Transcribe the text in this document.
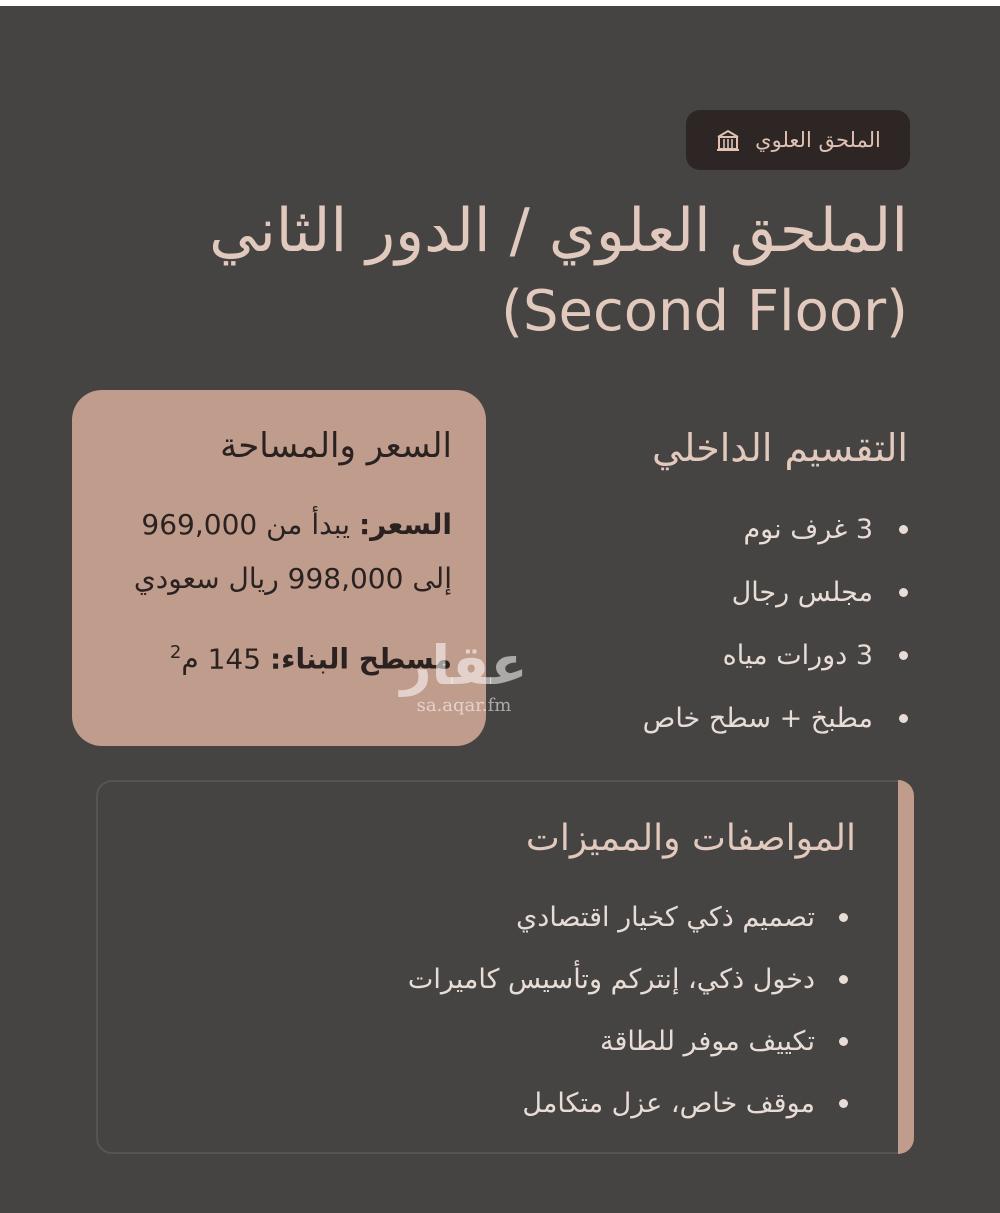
الملحق العلوي
الملحق العلوي / الدور الثاني
(Second Floor)
السعر والمساحة
السعر: يبدأ من 969,000
إلى 998,000 ريال سعودي
مسطح البناء: 145 م$^2$	عقار
sa.aqar.fm
التقسيم الداخلي
3 غرف نوم
مجلس رجال
3 دورات مياه
مطبخ + سطح خاص
المواصفات والمميزات
تصميم ذكي كخيار اقتصادي
دخول ذكي، إنتركم وتأسيس كاميرات
تكييف موفر للطاقة
موقف خاص، عزل متكامل
